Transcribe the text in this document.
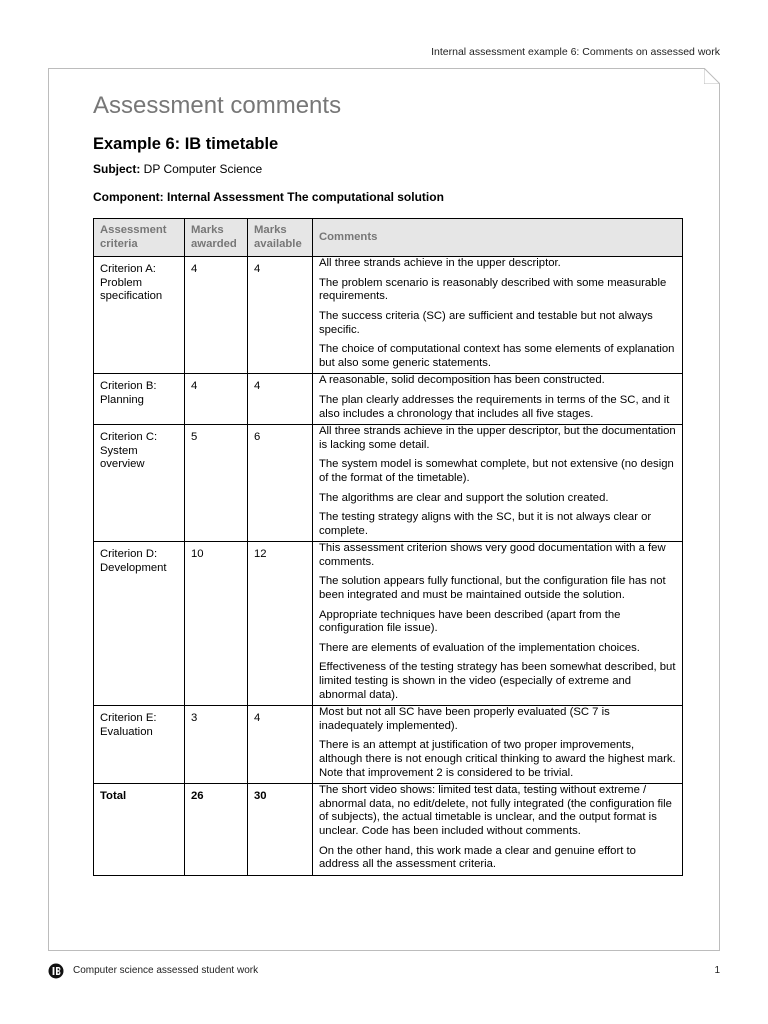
Internal assessment example 6: Comments on assessed work
Assessment comments
Example 6: IB timetable
Subject: DP Computer Science
Component: Internal Assessment The computational solution
Assessment criteria	Marks awarded	Marks available	Comments
Criterion A: Problem specification	4	4	All three strands achieve in the upper descriptor.

The problem scenario is reasonably described with some measurable requirements.

The success criteria (SC) are sufficient and testable but not always specific.

The choice of computational context has some elements of explanation but also some generic statements.

Criterion B: Planning	4	4	A reasonable, solid decomposition has been constructed.

The plan clearly addresses the requirements in terms of the SC, and it also includes a chronology that includes all five stages.

Criterion C: System overview	5	6	All three strands achieve in the upper descriptor, but the documentation is lacking some detail.

The system model is somewhat complete, but not extensive (no design of the format of the timetable).

The algorithms are clear and support the solution created.

The testing strategy aligns with the SC, but it is not always clear or complete.

Criterion D: Development	10	12	This assessment criterion shows very good documentation with a few comments.

The solution appears fully functional, but the configuration file has not been integrated and must be maintained outside the solution.

Appropriate techniques have been described (apart from the configuration file issue).

There are elements of evaluation of the implementation choices.

Effectiveness of the testing strategy has been somewhat described, but limited testing is shown in the video (especially of extreme and abnormal data).

Criterion E: Evaluation	3	4	Most but not all SC have been properly evaluated (SC 7 is inadequately implemented).

There is an attempt at justification of two proper improvements, although there is not enough critical thinking to award the highest mark. Note that improvement 2 is considered to be trivial.

Total	26	30	The short video shows: limited test data, testing without extreme / abnormal data, no edit/delete, not fully integrated (the configuration file of subjects), the actual timetable is unclear, and the output format is unclear. Code has been included without comments.

On the other hand, this work made a clear and genuine effort to address all the assessment criteria.

Computer science assessed student work	1
